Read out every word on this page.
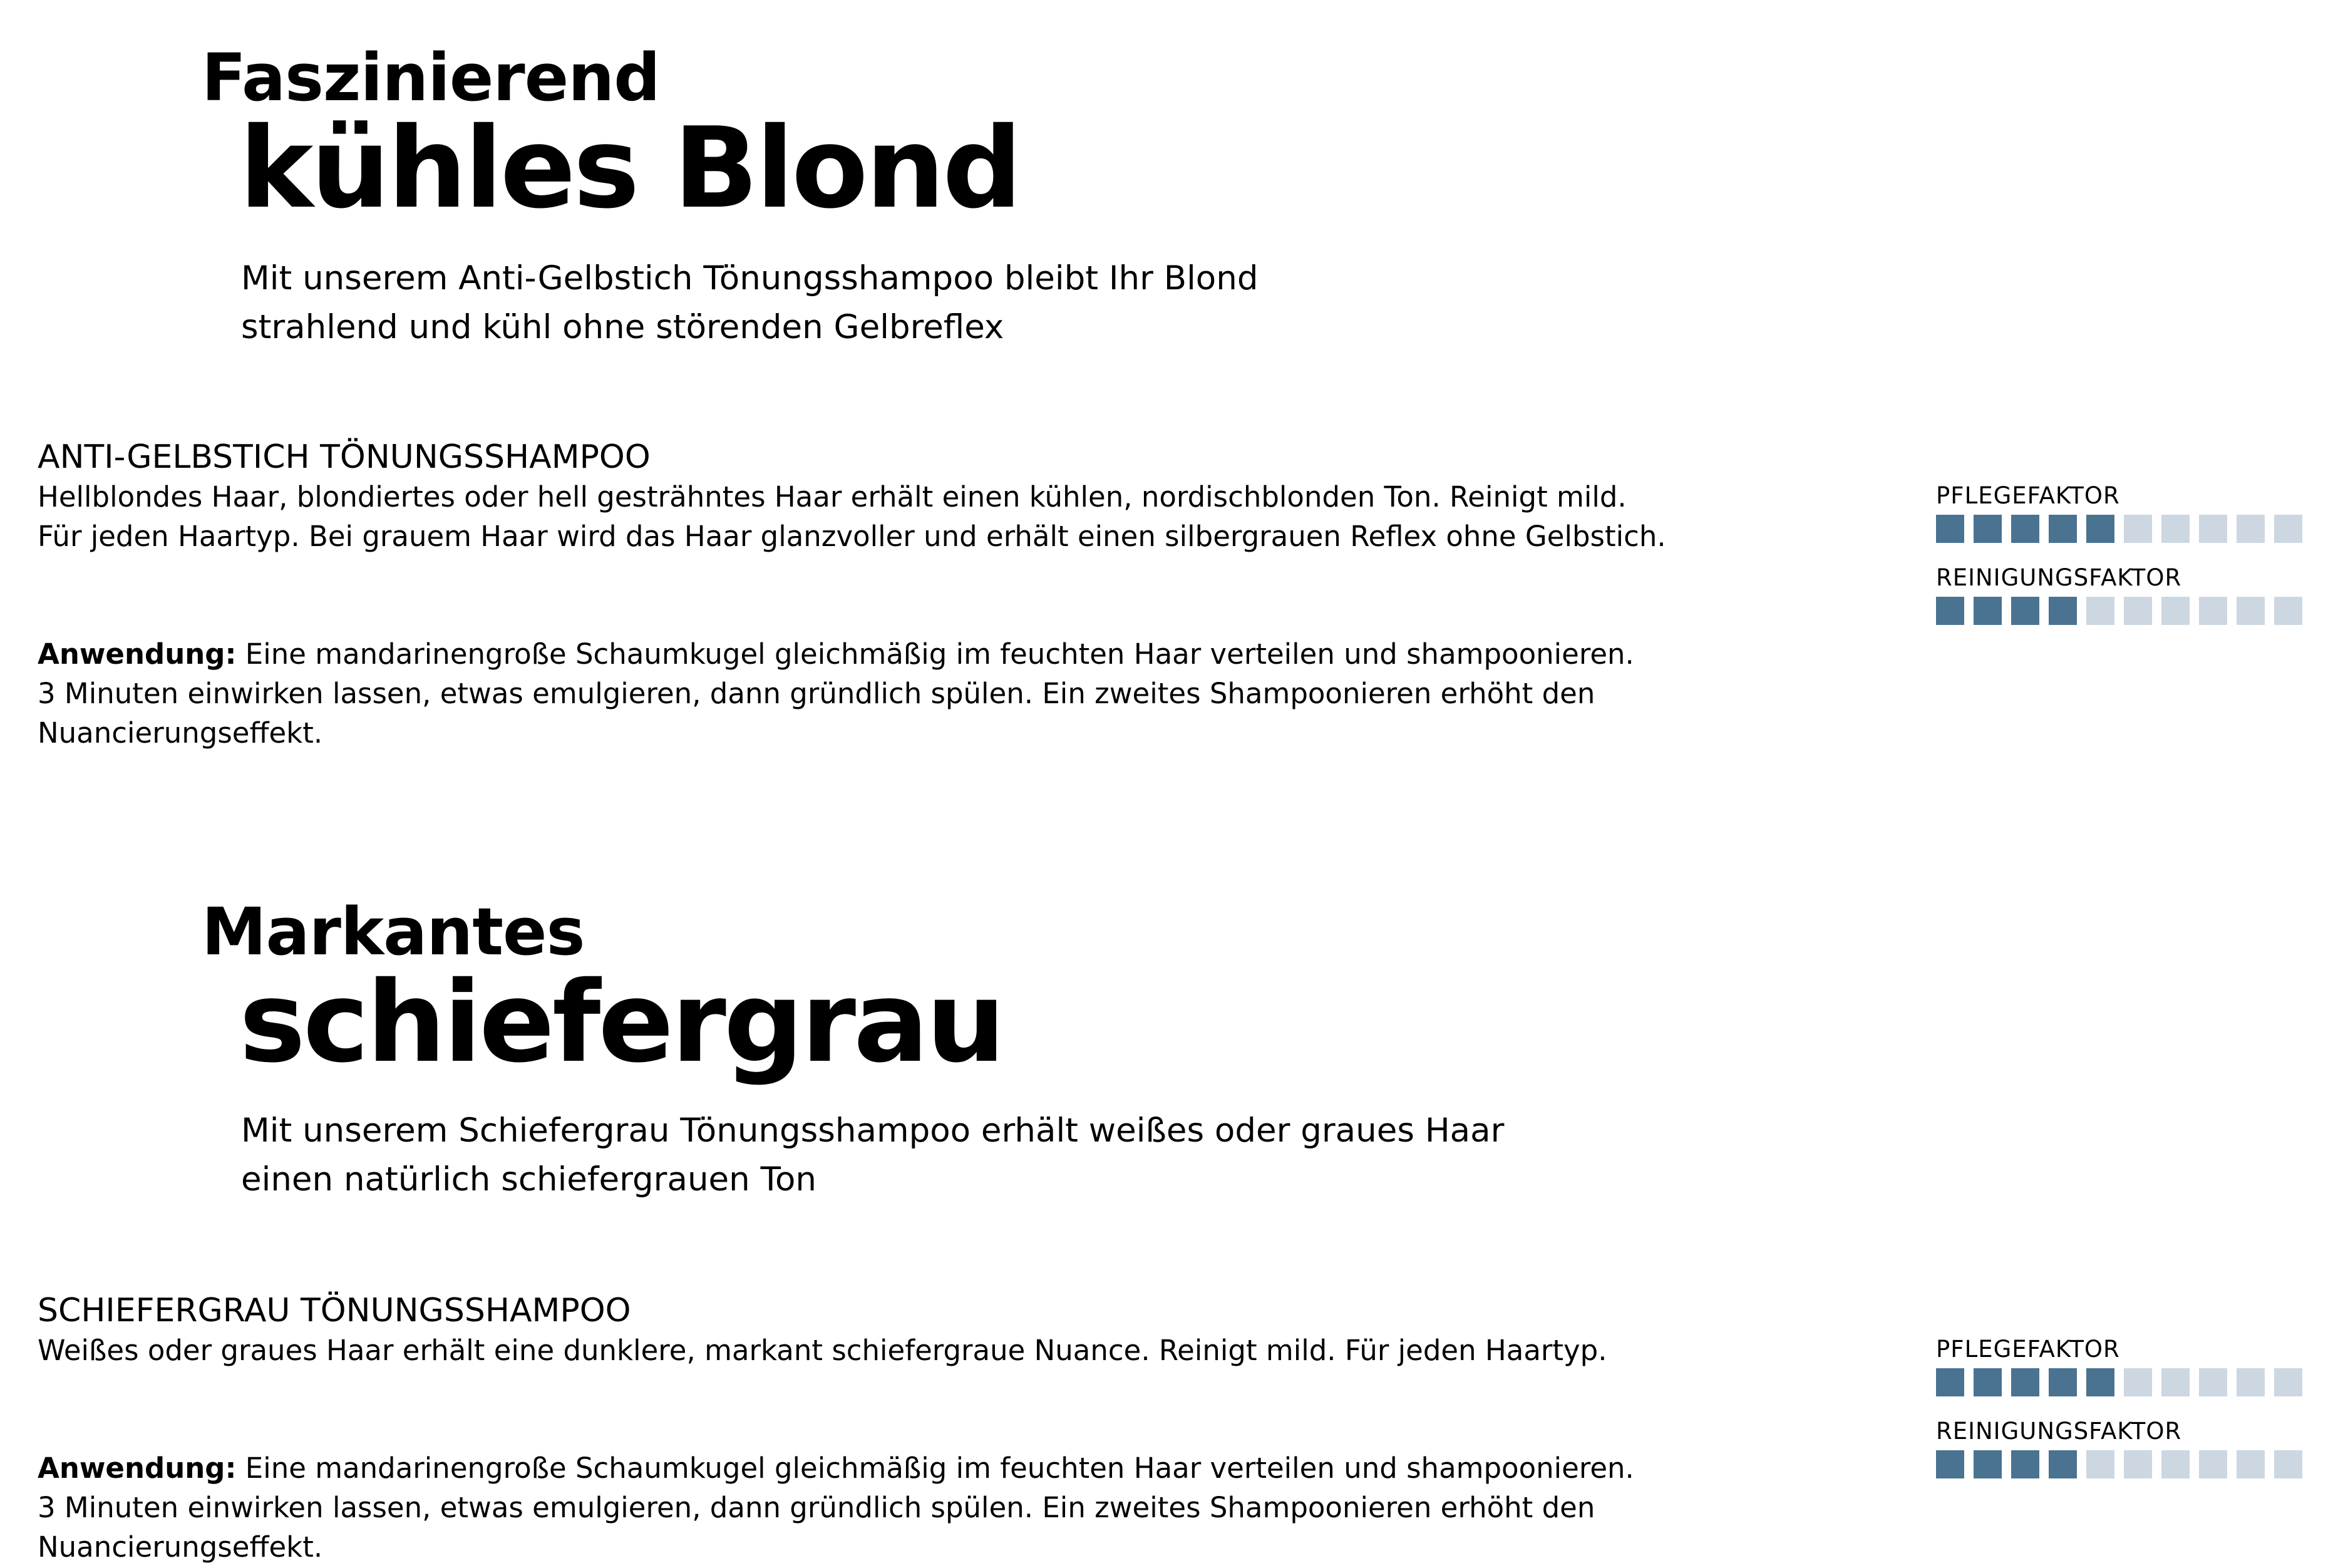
Faszinierend
kühles Blond
Mit unserem Anti-Gelbstich Tönungsshampoo bleibt Ihr Blond
strahlend und kühl ohne störenden Gelbreflex
ANTI-GELBSTICH TÖNUNGSSHAMPOO
Hellblondes Haar, blondiertes oder hell gesträhntes Haar erhält einen kühlen, nordischblonden Ton. Reinigt mild.
Für jeden Haartyp. Bei grauem Haar wird das Haar glanzvoller und erhält einen silbergrauen Reflex ohne Gelbstich.

Anwendung: Eine mandarinengroße Schaumkugel gleichmäßig im feuchten Haar verteilen und shampoonieren.
3 Minuten einwirken lassen, etwas emulgieren, dann gründlich spülen. Ein zweites Shampoonieren erhöht den
Nuancierungseffekt.

PFLEGEFAKTOR
REINIGUNGSFAKTOR
Markantes
schiefergrau
Mit unserem Schiefergrau Tönungsshampoo erhält weißes oder graues Haar
einen natürlich schiefergrauen Ton
SCHIEFERGRAU TÖNUNGSSHAMPOO
Weißes oder graues Haar erhält eine dunklere, markant schiefergraue Nuance. Reinigt mild. Für jeden Haartyp.

Anwendung: Eine mandarinengroße Schaumkugel gleichmäßig im feuchten Haar verteilen und shampoonieren.
3 Minuten einwirken lassen, etwas emulgieren, dann gründlich spülen. Ein zweites Shampoonieren erhöht den
Nuancierungseffekt.

PFLEGEFAKTOR
REINIGUNGSFAKTOR
